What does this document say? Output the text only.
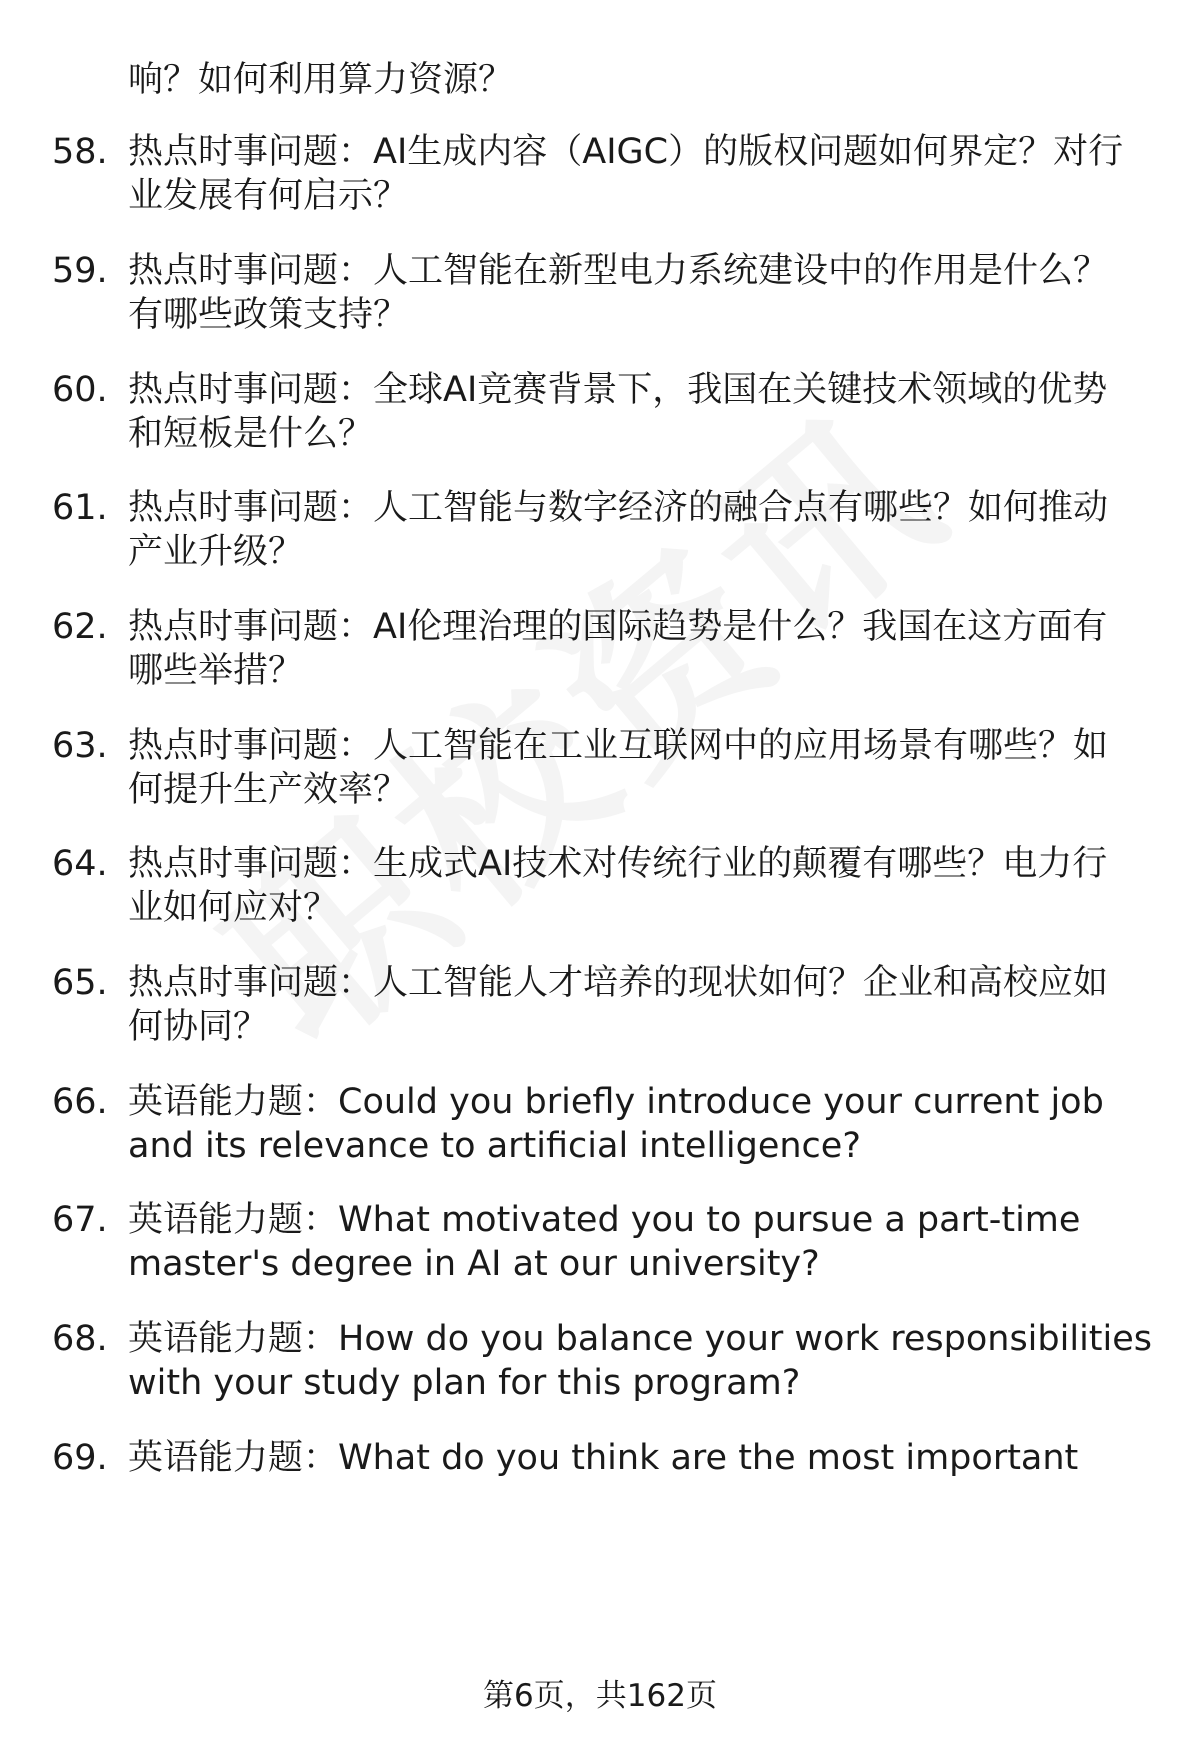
响？如何利用算力资源？
58. 热点时事问题：AI生成内容（AIGC）的版权问题如何界定？对行
业发展有何启示？
59. 热点时事问题：人工智能在新型电力系统建设中的作用是什么？
有哪些政策支持？
60. 热点时事问题：全球AI竞赛背景下，我国在关键技术领域的优势
和短板是什么？
61. 热点时事问题：人工智能与数字经济的融合点有哪些？如何推动
产业升级？
62. 热点时事问题：AI伦理治理的国际趋势是什么？我国在这方面有
哪些举措？
63. 热点时事问题：人工智能在工业互联网中的应用场景有哪些？如
何提升生产效率？
64. 热点时事问题：生成式AI技术对传统行业的颠覆有哪些？电力行
业如何应对？
65. 热点时事问题：人工智能人才培养的现状如何？企业和高校应如
何协同？
66. 英语能力题：Could you briefly introduce your current job
and its relevance to artificial intelligence?
67. 英语能力题：What motivated you to pursue a part-time
master's degree in AI at our university?
68. 英语能力题：How do you balance your work responsibilities
with your study plan for this program?
69. 英语能力题：What do you think are the most important
第6页，共162页
